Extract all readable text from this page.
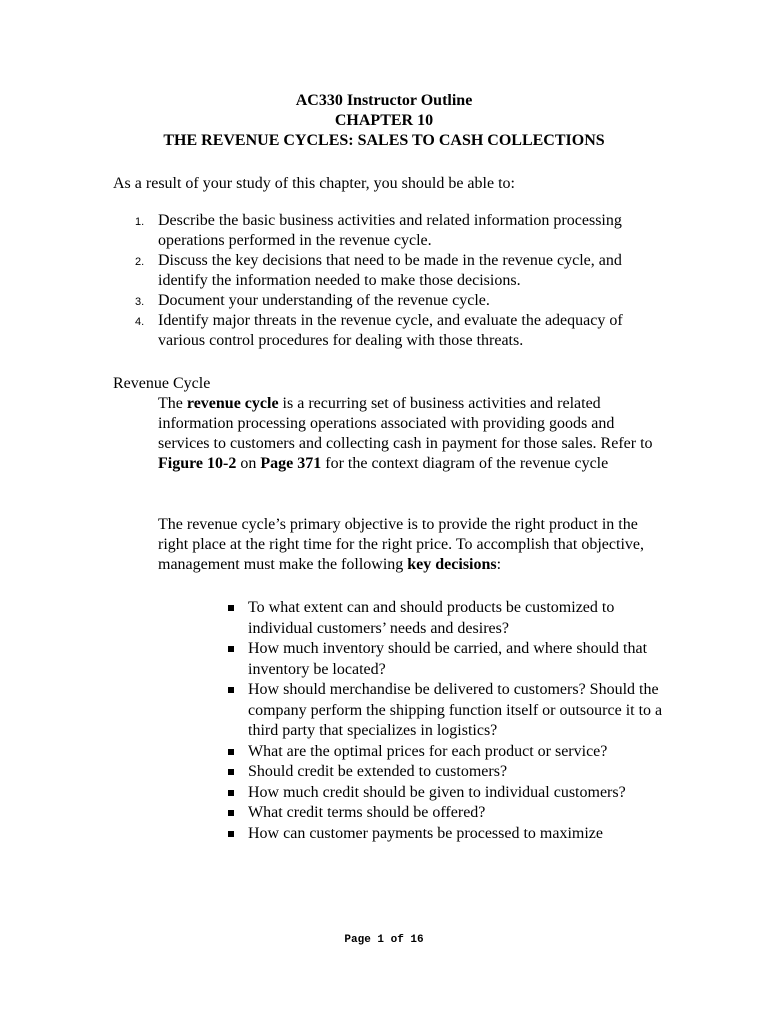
AC330 Instructor Outline
CHAPTER 10
THE REVENUE CYCLES: SALES TO CASH COLLECTIONS
As a result of your study of this chapter, you should be able to:
1. Describe the basic business activities and related information processing operations performed in the revenue cycle.
2. Discuss the key decisions that need to be made in the revenue cycle, and identify the information needed to make those decisions.
3. Document your understanding of the revenue cycle.
4. Identify major threats in the revenue cycle, and evaluate the adequacy of various control procedures for dealing with those threats.
Revenue Cycle
The revenue cycle is a recurring set of business activities and related information processing operations associated with providing goods and services to customers and collecting cash in payment for those sales. Refer to Figure 10-2 on Page 371 for the context diagram of the revenue cycle
The revenue cycle’s primary objective is to provide the right product in the right place at the right time for the right price. To accomplish that objective, management must make the following key decisions:
To what extent can and should products be customized to individual customers’ needs and desires?
How much inventory should be carried, and where should that inventory be located?
How should merchandise be delivered to customers? Should the company perform the shipping function itself or outsource it to a third party that specializes in logistics?
What are the optimal prices for each product or service?
Should credit be extended to customers?
How much credit should be given to individual customers?
What credit terms should be offered?
How can customer payments be processed to maximize
Page 1 of 16
